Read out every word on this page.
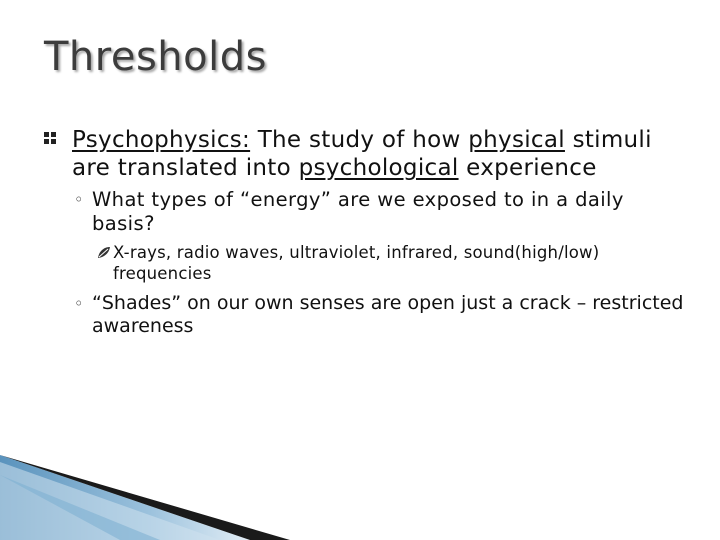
Thresholds
Psychophysics: The study of how physical stimuli are translated into psychological experience
◦ What types of “energy” are we exposed to in a daily basis?
X-rays, radio waves, ultraviolet, infrared, sound(high/low) frequencies
◦ “Shades” on our own senses are open just a crack – restricted awareness
